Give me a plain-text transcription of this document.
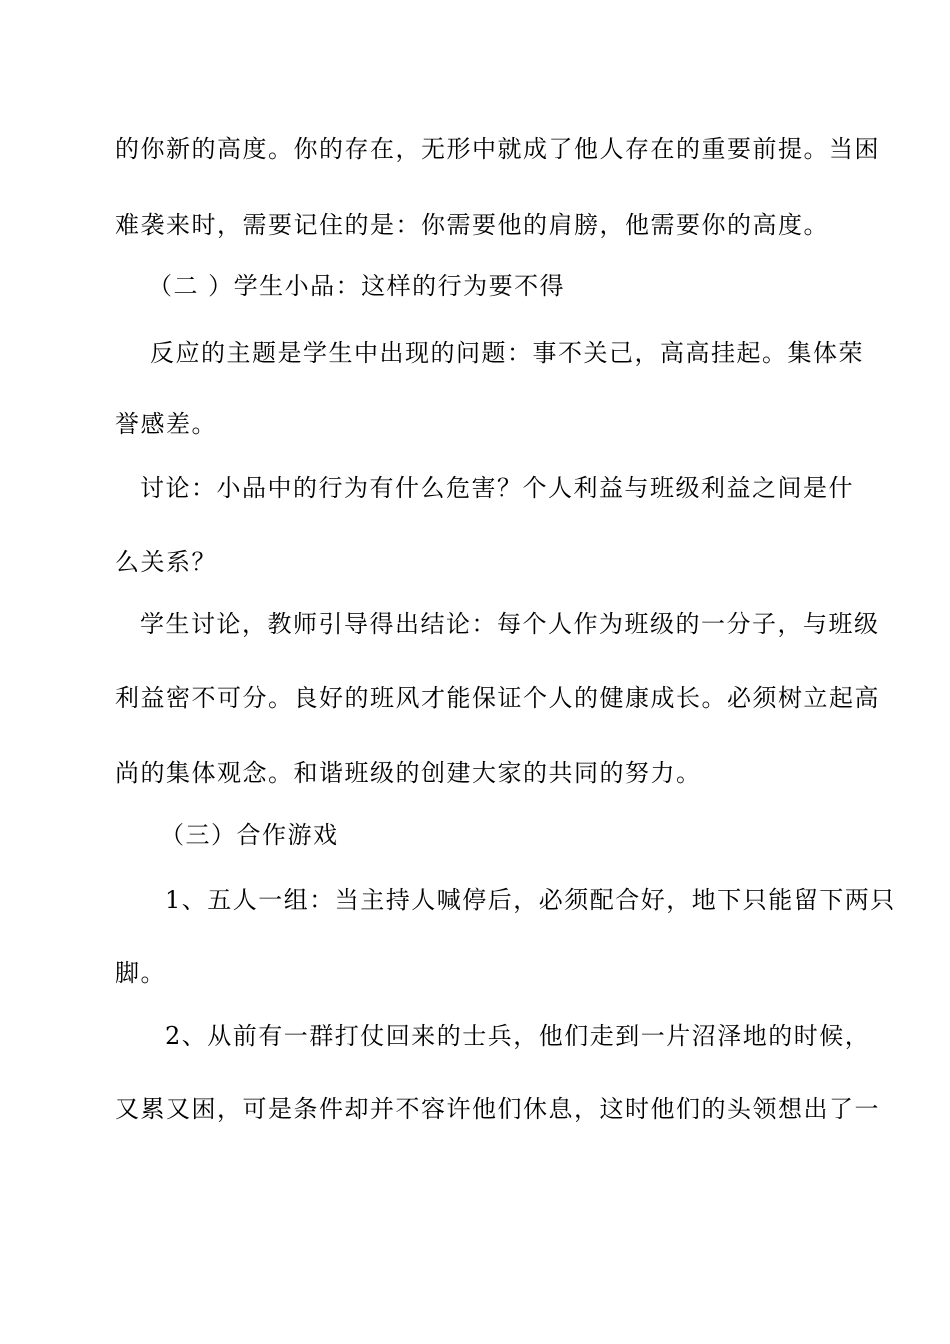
的你新的高度。你的存在，无形中就成了他人存在的重要前提。当困
难袭来时，需要记住的是：你需要他的肩膀，他需要你的高度。
（二 ）学生小品：这样的行为要不得
反应的主题是学生中出现的问题：事不关己，高高挂起。集体荣
誉感差。
讨论：小品中的行为有什么危害？个人利益与班级利益之间是什
么关系？
学生讨论，教师引导得出结论：每个人作为班级的一分子，与班级
利益密不可分。良好的班风才能保证个人的健康成长。必须树立起高
尚的集体观念。和谐班级的创建大家的共同的努力。
（三）合作游戏
1、五人一组：当主持人喊停后，必须配合好，地下只能留下两只
脚。
2、从前有一群打仗回来的士兵，他们走到一片沼泽地的时候，
又累又困，可是条件却并不容许他们休息，这时他们的头领想出了一
